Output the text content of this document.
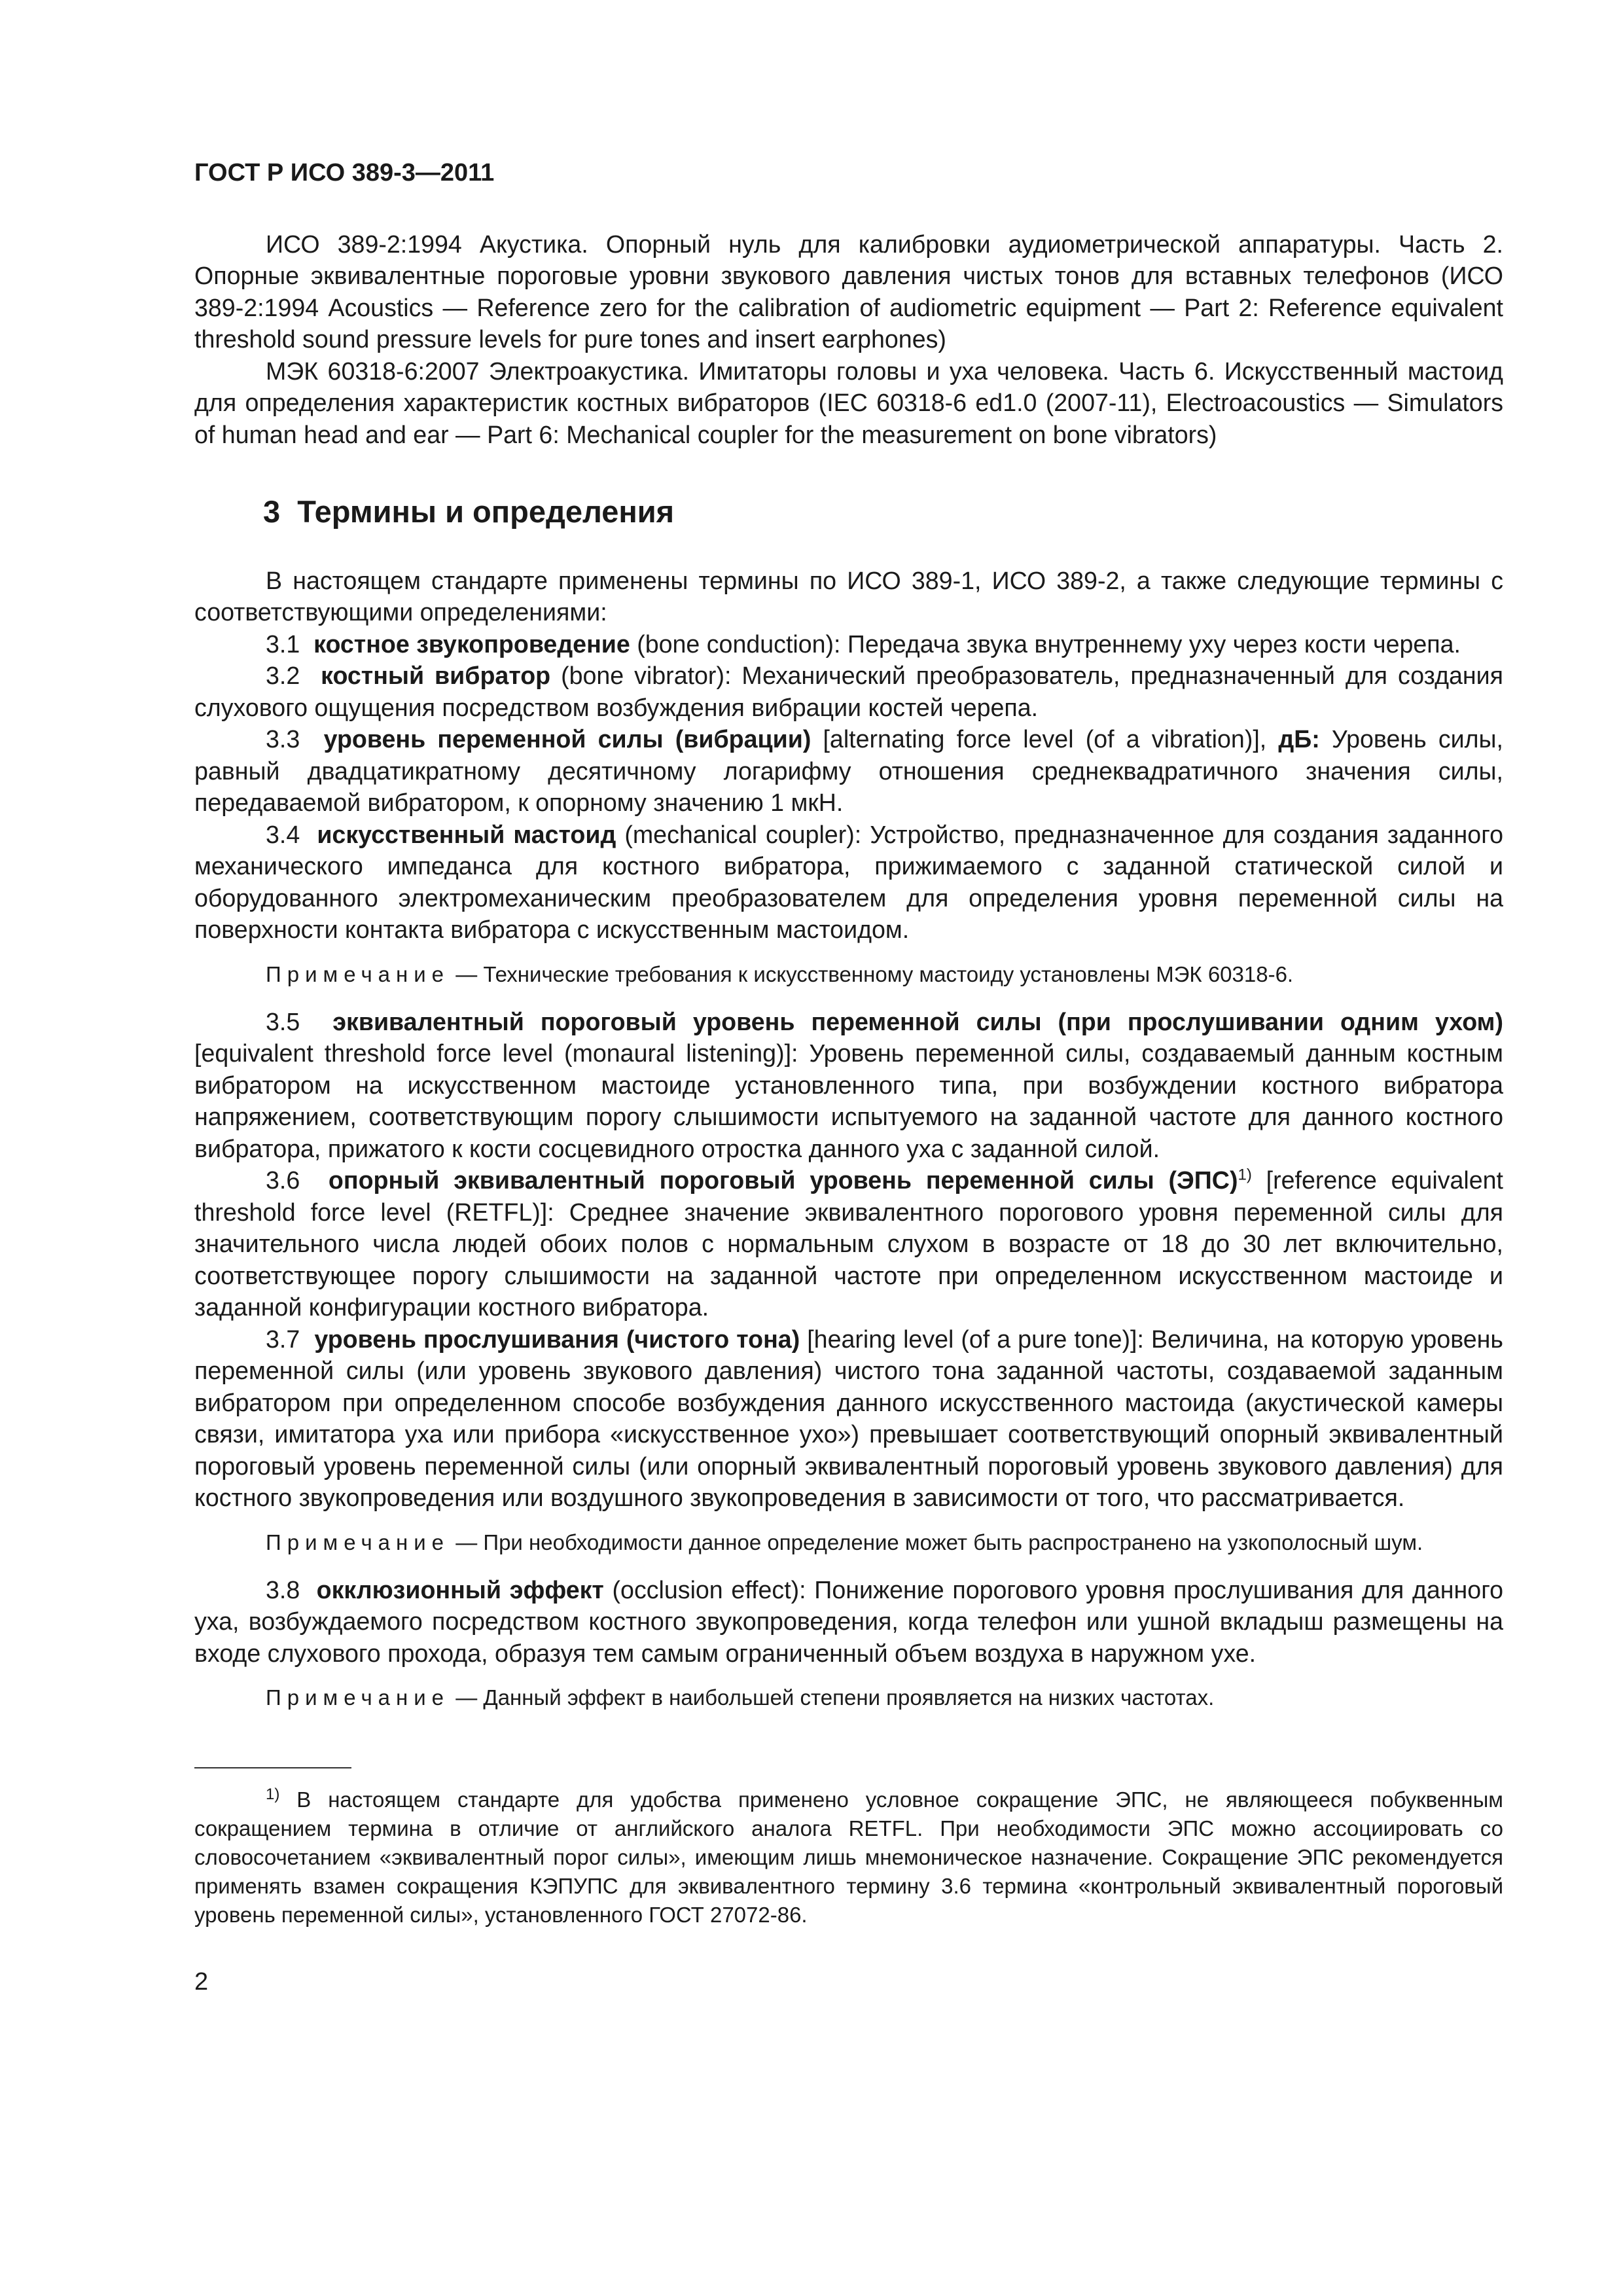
ГОСТ Р ИСО 389-3—2011

ИСО 389-2:1994 Акустика. Опорный нуль для калибровки аудиометрической аппаратуры. Часть 2. Опорные эквивалентные пороговые уровни звукового давления чистых тонов для вставных телефонов (ИСО 389-2:1994 Acoustics — Reference zero for the calibration of audiometric equipment — Part 2: Reference equivalent threshold sound pressure levels for pure tones and insert earphones)

МЭК 60318-6:2007 Электроакустика. Имитаторы головы и уха человека. Часть 6. Искусственный мастоид для определения характеристик костных вибраторов (IEC 60318-6 ed1.0 (2007-11), Electroacoustics — Simulators of human head and ear — Part 6: Mechanical coupler for the measurement on bone vibrators)

3 Термины и определения

В настоящем стандарте применены термины по ИСО 389-1, ИСО 389-2, а также следующие термины с соответствующими определениями:

3.1 костное звукопроведение (bone conduction): Передача звука внутреннему уху через кости черепа.

3.2 костный вибратор (bone vibrator): Механический преобразователь, предназначенный для создания слухового ощущения посредством возбуждения вибрации костей черепа.

3.3 уровень переменной силы (вибрации) [alternating force level (of a vibration)], дБ: Уровень силы, равный двадцатикратному десятичному логарифму отношения среднеквадратичного значения силы, передаваемой вибратором, к опорному значению 1 мкН.

3.4 искусственный мастоид (mechanical coupler): Устройство, предназначенное для создания заданного механического импеданса для костного вибратора, прижимаемого с заданной статической силой и оборудованного электромеханическим преобразователем для определения уровня переменной силы на поверхности контакта вибратора с искусственным мастоидом.

Примечание — Технические требования к искусственному мастоиду установлены МЭК 60318-6.

3.5 эквивалентный пороговый уровень переменной силы (при прослушивании одним ухом) [equivalent threshold force level (monaural listening)]: Уровень переменной силы, создаваемый данным костным вибратором на искусственном мастоиде установленного типа, при возбуждении костного вибратора напряжением, соответствующим порогу слышимости испытуемого на заданной частоте для данного костного вибратора, прижатого к кости сосцевидного отростка данного уха с заданной силой.

3.6 опорный эквивалентный пороговый уровень переменной силы (ЭПС)$^{1)}$ [reference equivalent threshold force level (RETFL)]: Среднее значение эквивалентного порогового уровня переменной силы для значительного числа людей обоих полов с нормальным слухом в возрасте от 18 до 30 лет включительно, соответствующее порогу слышимости на заданной частоте при определенном искусственном мастоиде и заданной конфигурации костного вибратора.

3.7 уровень прослушивания (чистого тона) [hearing level (of a pure tone)]: Величина, на которую уровень переменной силы (или уровень звукового давления) чистого тона заданной частоты, создаваемой заданным вибратором при определенном способе возбуждения данного искусственного мастоида (акустической камеры связи, имитатора уха или прибора «искусственное ухо») превышает соответствующий опорный эквивалентный пороговый уровень переменной силы (или опорный эквивалентный пороговый уровень звукового давления) для костного звукопроведения или воздушного звукопроведения в зависимости от того, что рассматривается.

Примечание — При необходимости данное определение может быть распространено на узкополосный шум.

3.8 окклюзионный эффект (occlusion effect): Понижение порогового уровня прослушивания для данного уха, возбуждаемого посредством костного звукопроведения, когда телефон или ушной вкладыш размещены на входе слухового прохода, образуя тем самым ограниченный объем воздуха в наружном ухе.

Примечание — Данный эффект в наибольшей степени проявляется на низких частотах.

$^{1)}$ В настоящем стандарте для удобства применено условное сокращение ЭПС, не являющееся побуквенным сокращением термина в отличие от английского аналога RETFL. При необходимости ЭПС можно ассоциировать со словосочетанием «эквивалентный порог силы», имеющим лишь мнемоническое назначение. Сокращение ЭПС рекомендуется применять взамен сокращения КЭПУПС для эквивалентного термину 3.6 термина «контрольный эквивалентный пороговый уровень переменной силы», установленного ГОСТ 27072-86.

2
